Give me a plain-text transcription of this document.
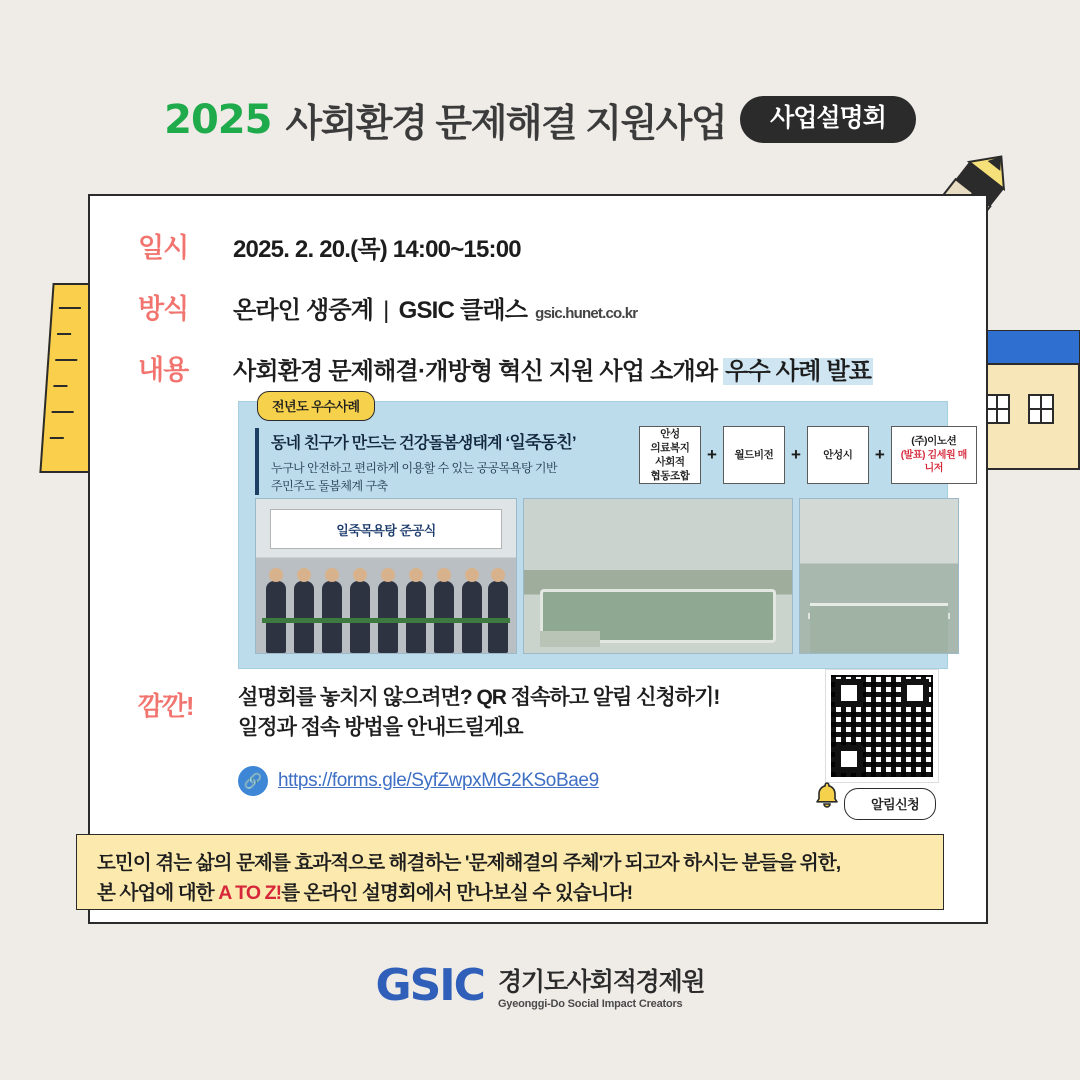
2025 사회환경 문제해결 지원사업	사업설명회
일시	2025. 2. 20.(목) 14:00~15:00
방식	온라인 생중계 | GSIC 클래스 gsic.hunet.co.kr
내용	사회환경 문제해결·개방형 혁신 지원 사업 소개와 우수 사례 발표
전년도 우수사례
동네 친구가 만드는 건강돌봄생태계 ‘일죽동친’
누구나 안전하고 편리하게 이용할 수 있는 공공목욕탕 기반
주민주도 돌봄체계 구축
안성
의료복지
사회적
협동조합
+ 월드비전 + 안성시 +
(주)이노션
(발표) 김세원 매니저
일죽목욕탕 준공식
깜깐! 설명회를 놓치지 않으려면? QR 접속하고 알림 신청하기!
일정과 접속 방법을 안내드릴게요
🔗 https://forms.gle/SyfZwpxMG2KSoBae9
알림신청
도민이 겪는 삶의 문제를 효과적으로 해결하는 '문제해결의 주체'가 되고자 하시는 분들을 위한,
본 사업에 대한 A TO Z!를 온라인 설명회에서 만나보실 수 있습니다!
GSIC 경기도사회적경제원
Gyeonggi-Do Social Impact Creators
